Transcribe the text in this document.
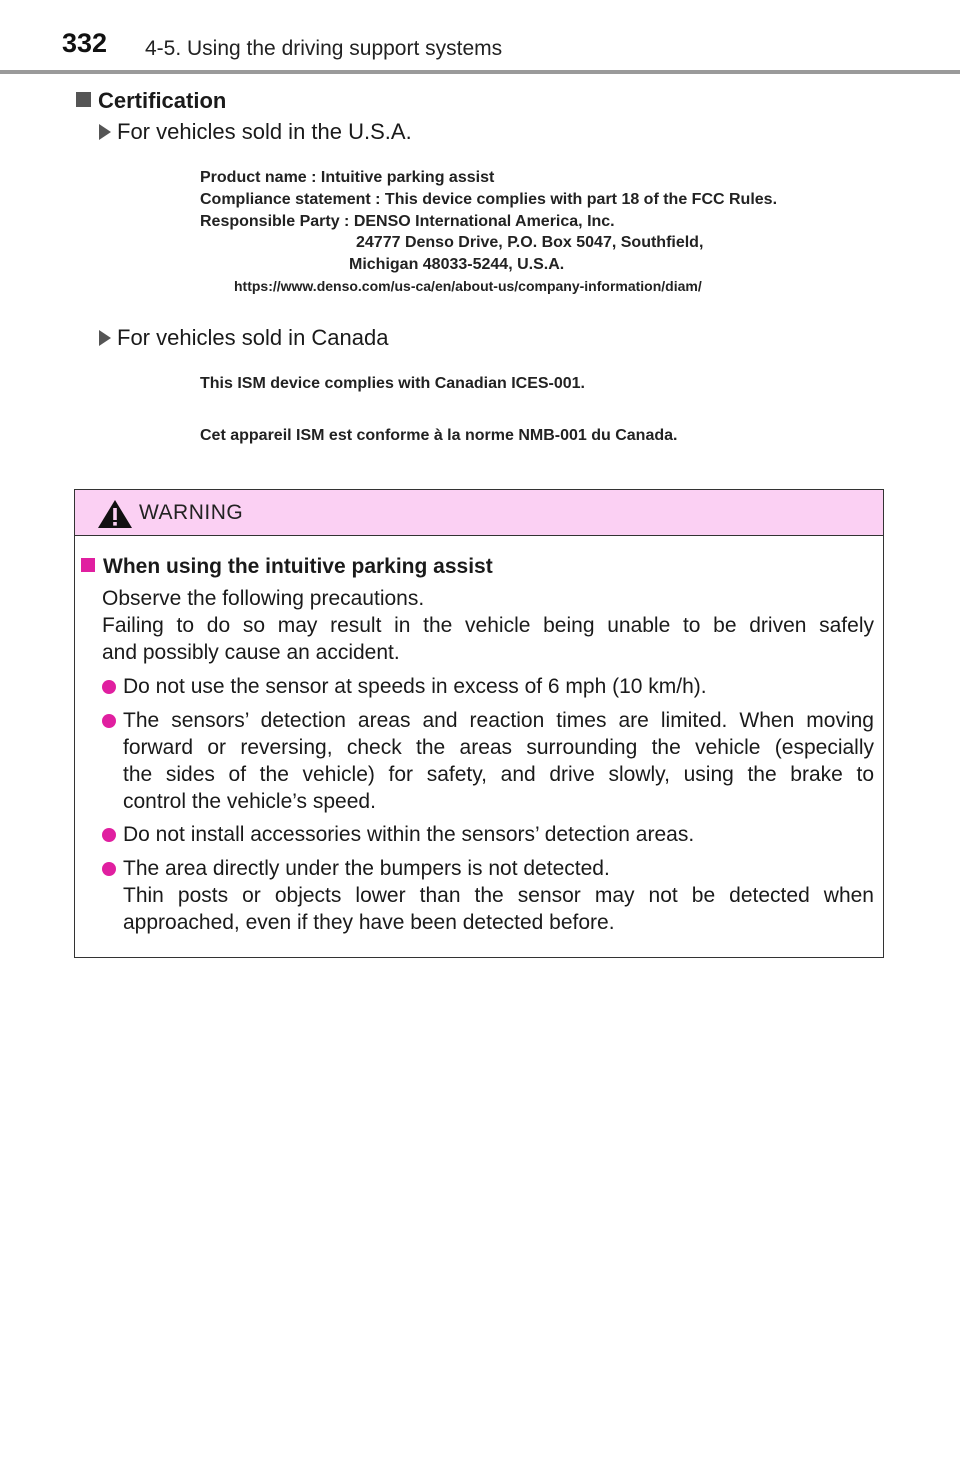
332 4-5. Using the driving support systems
Certification
For vehicles sold in the U.S.A.
Product name : Intuitive parking assist
Compliance statement : This device complies with part 18 of the FCC Rules.
Responsible Party : DENSO International America, Inc.
24777 Denso Drive, P.O. Box 5047, Southfield,
Michigan 48033-5244, U.S.A.
https://www.denso.com/us-ca/en/about-us/company-information/diam/
For vehicles sold in Canada
This ISM device complies with Canadian ICES-001.
Cet appareil ISM est conforme à la norme NMB-001 du Canada.
WARNING
When using the intuitive parking assist
Observe the following precautions.
Failing to do so may result in the vehicle being unable to be driven safely
and possibly cause an accident.
Do not use the sensor at speeds in excess of 6 mph (10 km/h).
The sensors’ detection areas and reaction times are limited. When moving
forward or reversing, check the areas surrounding the vehicle (especially
the sides of the vehicle) for safety, and drive slowly, using the brake to
control the vehicle’s speed.
Do not install accessories within the sensors’ detection areas.
The area directly under the bumpers is not detected.
Thin posts or objects lower than the sensor may not be detected when
approached, even if they have been detected before.
